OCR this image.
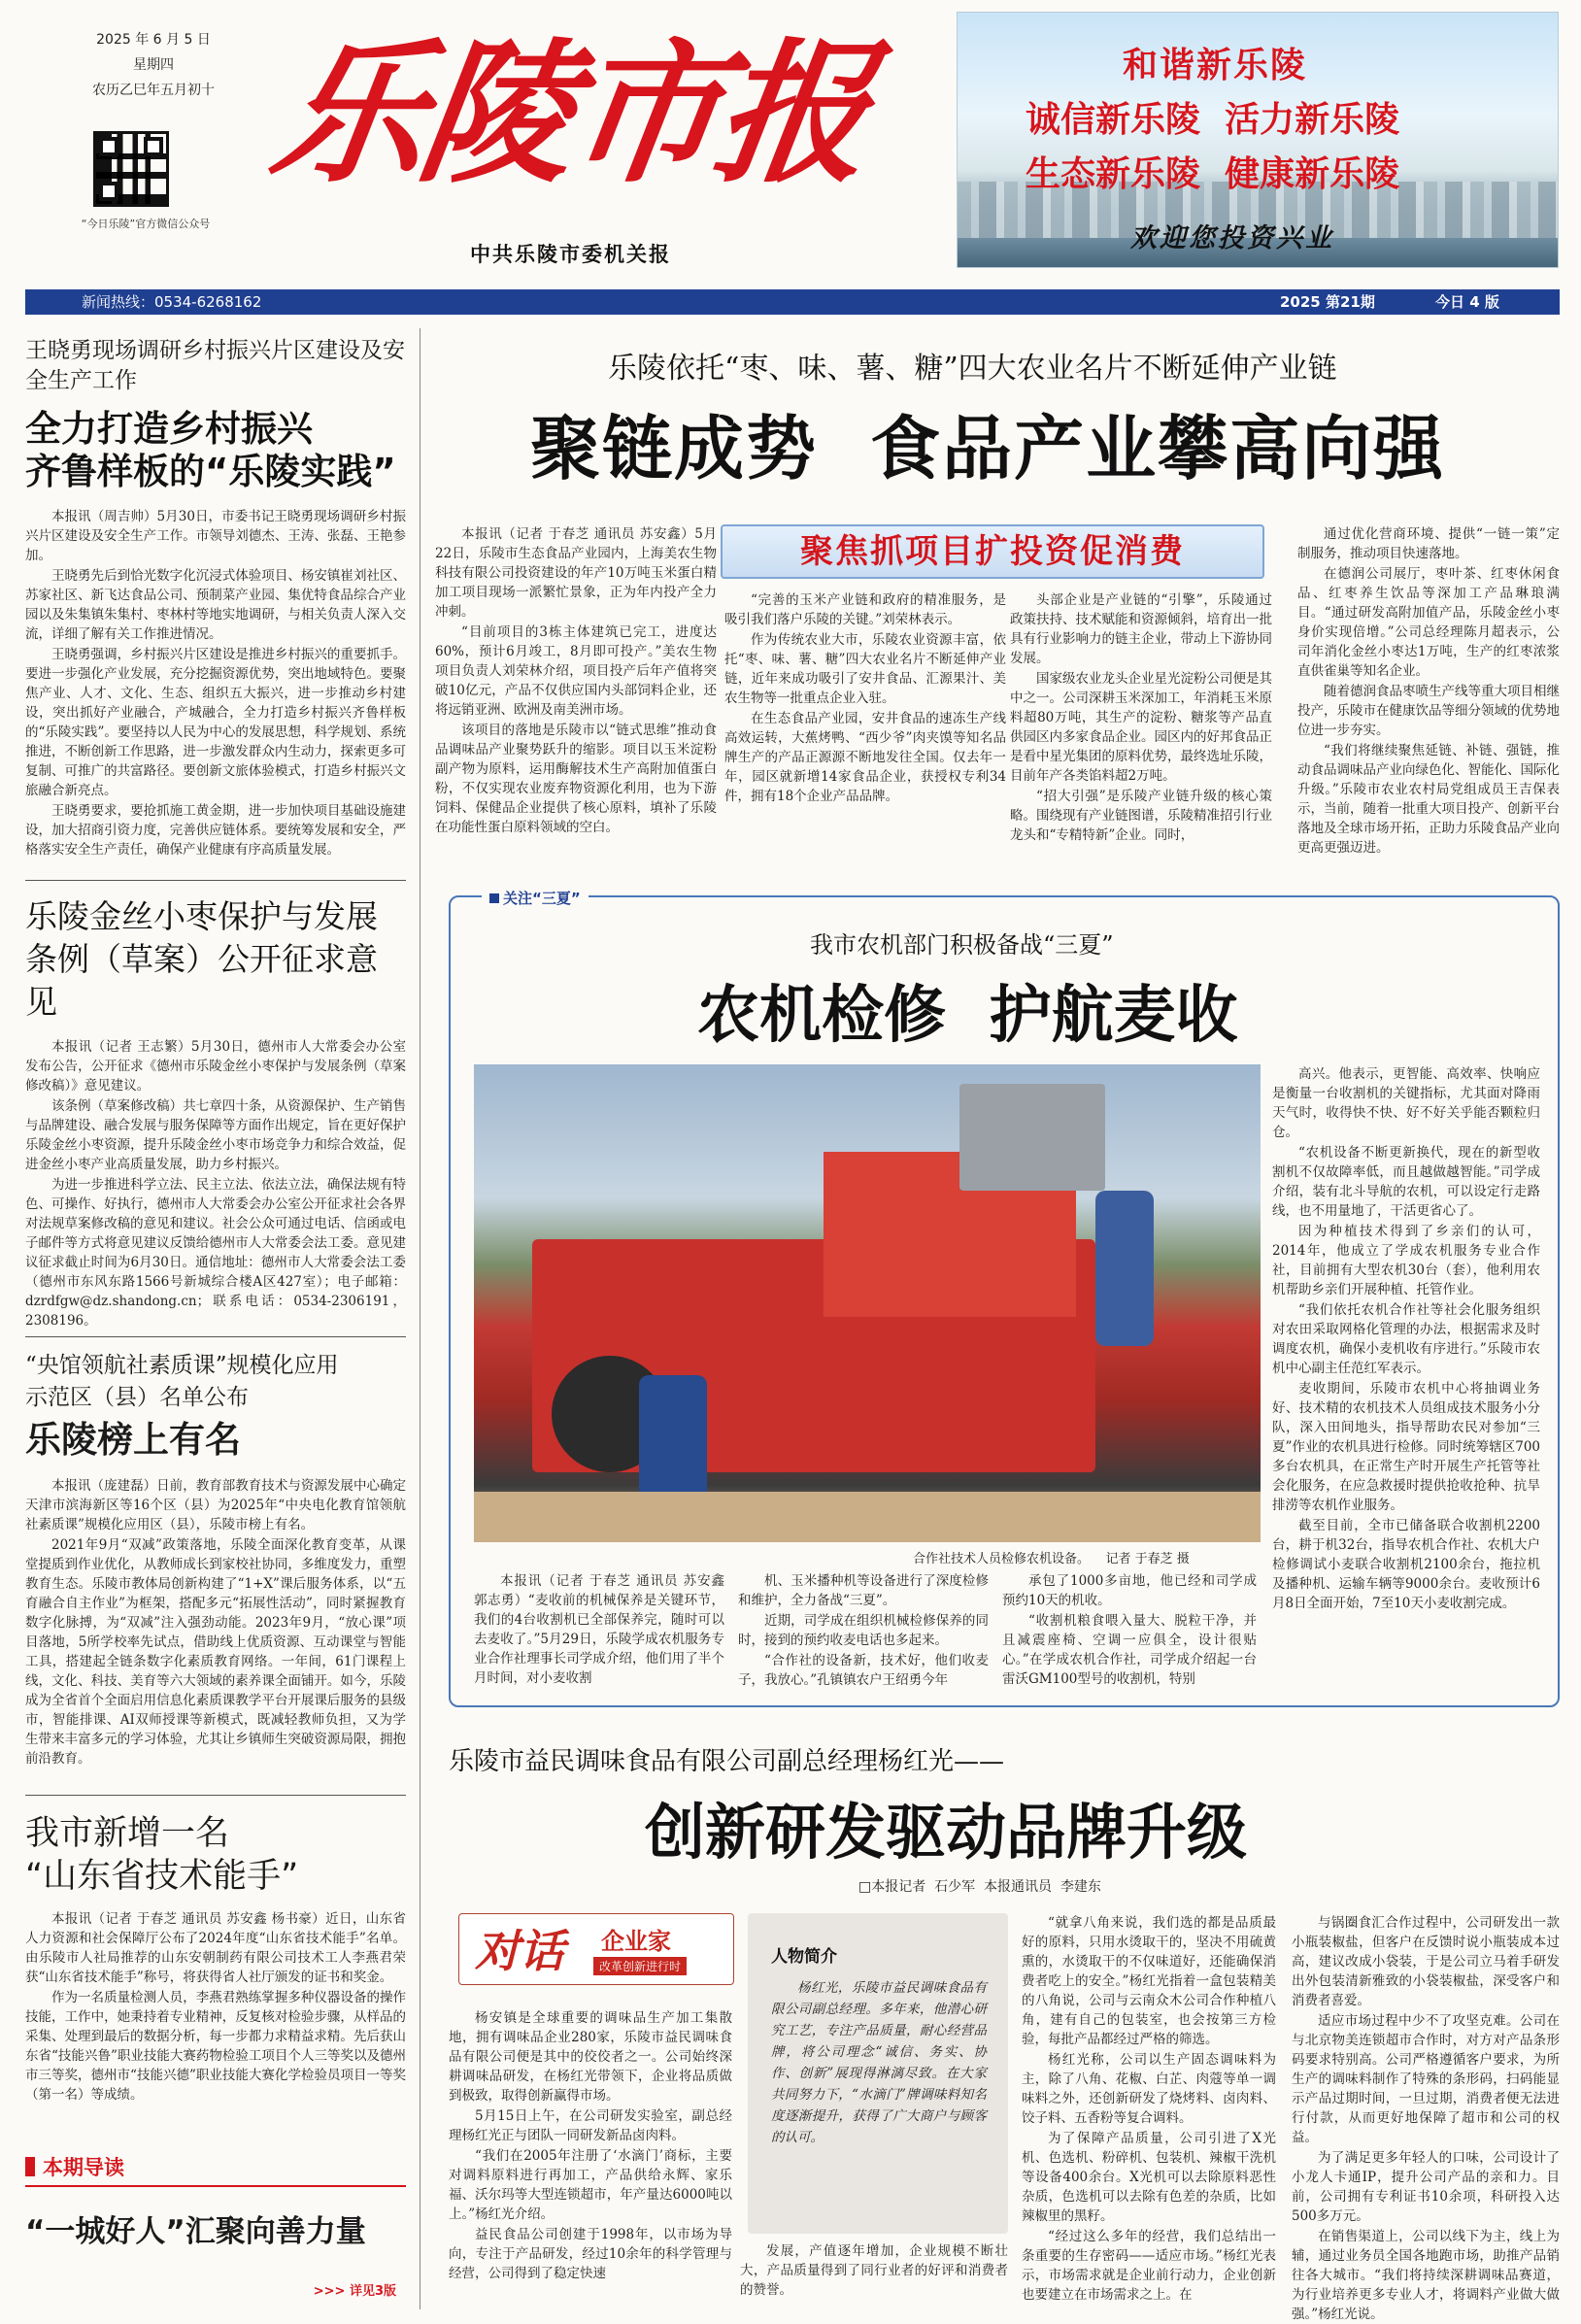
2025 年 6 月 5 日
星期四
农历乙巳年五月初十
“今日乐陵”官方微信公众号
乐陵市报
中共乐陵市委机关报
和谐新乐陵
诚信新乐陵  活力新乐陵
生态新乐陵  健康新乐陵
欢迎您投资兴业
新闻热线：0534-6268162	2025 第21期	今日 4 版
王晓勇现场调研乡村振兴片区建设及安全生产工作
全力打造乡村振兴
齐鲁样板的“乐陵实践”

本报讯（周吉帅）5月30日，市委书记王晓勇现场调研乡村振兴片区建设及安全生产工作。市领导刘德杰、王涛、张磊、王艳参加。

王晓勇先后到恰光数字化沉浸式体验项目、杨安镇崔刘社区、苏家社区、新飞达食品公司、预制菜产业园、集优特食品综合产业园以及朱集镇朱集村、枣林村等地实地调研，与相关负责人深入交流，详细了解有关工作推进情况。

王晓勇强调，乡村振兴片区建设是推进乡村振兴的重要抓手。要进一步强化产业发展，充分挖掘资源优势，突出地域特色。要聚焦产业、人才、文化、生态、组织五大振兴，进一步推动乡村建设，突出抓好产业融合，产城融合，全力打造乡村振兴齐鲁样板的“乐陵实践”。要坚持以人民为中心的发展思想，科学规划、系统推进，不断创新工作思路，进一步激发群众内生动力，探索更多可复制、可推广的共富路径。要创新文旅体验模式，打造乡村振兴文旅融合新亮点。

王晓勇要求，要抢抓施工黄金期，进一步加快项目基础设施建设，加大招商引资力度，完善供应链体系。要统筹发展和安全，严格落实安全生产责任，确保产业健康有序高质量发展。

乐陵金丝小枣保护与发展
条例（草案）公开征求意见

本报讯（记者 王志繁）5月30日，德州市人大常委会办公室发布公告，公开征求《德州市乐陵金丝小枣保护与发展条例（草案修改稿）》意见建议。

该条例（草案修改稿）共七章四十条，从资源保护、生产销售与品牌建设、融合发展与服务保障等方面作出规定，旨在更好保护乐陵金丝小枣资源，提升乐陵金丝小枣市场竞争力和综合效益，促进金丝小枣产业高质量发展，助力乡村振兴。

为进一步推进科学立法、民主立法、依法立法，确保法规有特色、可操作、好执行，德州市人大常委会办公室公开征求社会各界对法规草案修改稿的意见和建议。社会公众可通过电话、信函或电子邮件等方式将意见建议反馈给德州市人大常委会法工委。意见建议征求截止时间为6月30日。通信地址：德州市人大常委会法工委（德州市东风东路1566号新城综合楼A区427室）；电子邮箱：dzrdfgw@dz.shandong.cn；联系电话：0534-2306191，2308196。

“央馆领航社素质课”规模化应用
示范区（县）名单公布
乐陵榜上有名

本报讯（庞建磊）日前，教育部教育技术与资源发展中心确定天津市滨海新区等16个区（县）为2025年“中央电化教育馆领航社素质课”规模化应用区（县），乐陵市榜上有名。

2021年9月“双减”政策落地，乐陵全面深化教育变革，从课堂提质到作业优化，从教师成长到家校社协同，多维度发力，重塑教育生态。乐陵市教体局创新构建了“1+X”课后服务体系，以“五育融合自主作业”为框架，搭配多元“拓展性活动”，同时紧握教育数字化脉搏，为“双减”注入强劲动能。2023年9月，“放心课”项目落地，5所学校率先试点，借助线上优质资源、互动课堂与智能工具，搭建起全链条数字化素质教育网络。一年间，61门课程上线，文化、科技、美育等六大领域的素养课全面铺开。如今，乐陵成为全省首个全面启用信息化素质课教学平台开展课后服务的县级市，智能排课、AI双师授课等新模式，既减轻教师负担，又为学生带来丰富多元的学习体验，尤其让乡镇师生突破资源局限，拥抱前沿教育。

我市新增一名
“山东省技术能手”

本报讯（记者 于春芝 通讯员 苏安鑫 杨书豪）近日，山东省人力资源和社会保障厅公布了2024年度“山东省技术能手”名单。由乐陵市人社局推荐的山东安朝制药有限公司技术工人李燕君荣获“山东省技术能手”称号，将获得省人社厅颁发的证书和奖金。

作为一名质量检测人员，李燕君熟练掌握多种仪器设备的操作技能，工作中，她秉持着专业精神，反复核对检验步骤，从样品的采集、处理到最后的数据分析，每一步都力求精益求精。先后获山东省“技能兴鲁”职业技能大赛药物检验工项目个人三等奖以及德州市三等奖，德州市“技能兴德”职业技能大赛化学检验员项目一等奖（第一名）等成绩。

本期导读
“一城好人”汇聚向善力量
>>> 详见3版
乐陵依托“枣、味、薯、糖”四大农业名片不断延伸产业链
聚链成势  食品产业攀高向强
聚焦抓项目扩投资促消费

本报讯（记者 于春芝 通讯员 苏安鑫）5月22日，乐陵市生态食品产业园内，上海美农生物科技有限公司投资建设的年产10万吨玉米蛋白精加工项目现场一派繁忙景象，正为年内投产全力冲刺。

“目前项目的3栋主体建筑已完工，进度达60%，预计6月竣工，8月即可投产。”美农生物项目负责人刘荣林介绍，项目投产后年产值将突破10亿元，产品不仅供应国内头部饲料企业，还将远销亚洲、欧洲及南美洲市场。

该项目的落地是乐陵市以“链式思维”推动食品调味品产业聚势跃升的缩影。项目以玉米淀粉副产物为原料，运用酶解技术生产高附加值蛋白粉，不仅实现农业废弃物资源化利用，也为下游饲料、保健品企业提供了核心原料，填补了乐陵在功能性蛋白原料领域的空白。

“完善的玉米产业链和政府的精准服务，是吸引我们落户乐陵的关键。”刘荣林表示。

作为传统农业大市，乐陵农业资源丰富，依托“枣、味、薯、糖”四大农业名片不断延伸产业链，近年来成功吸引了安井食品、汇源果汁、美农生物等一批重点企业入驻。

在生态食品产业园，安井食品的速冻生产线高效运转，大蕉烤鸭、“西少爷”肉夹馍等知名品牌生产的产品正源源不断地发往全国。仅去年一年，园区就新增14家食品企业，获授权专利34件，拥有18个企业产品品牌。

头部企业是产业链的“引擎”，乐陵通过政策扶持、技术赋能和资源倾斜，培育出一批具有行业影响力的链主企业，带动上下游协同发展。

国家级农业龙头企业星光淀粉公司便是其中之一。公司深耕玉米深加工，年消耗玉米原料超80万吨，其生产的淀粉、糖浆等产品直供园区内多家食品企业。园区内的好邦食品正是看中星光集团的原料优势，最终选址乐陵，目前年产各类馅料超2万吨。

“招大引强”是乐陵产业链升级的核心策略。围绕现有产业链图谱，乐陵精准招引行业龙头和“专精特新”企业。同时，

通过优化营商环境、提供“一链一策”定制服务，推动项目快速落地。

在德润公司展厅，枣叶茶、红枣休闲食品、红枣养生饮品等深加工产品琳琅满目。“通过研发高附加值产品，乐陵金丝小枣身价实现倍增。”公司总经理陈月超表示，公司年消化金丝小枣达1万吨，生产的红枣浓浆直供雀巢等知名企业。

随着德润食品枣喷生产线等重大项目相继投产，乐陵市在健康饮品等细分领域的优势地位进一步夯实。

“我们将继续聚焦延链、补链、强链，推动食品调味品产业向绿色化、智能化、国际化升级。”乐陵市农业农村局党组成员王吉保表示，当前，随着一批重大项目投产、创新平台落地及全球市场开拓，正助力乐陵食品产业向更高更强迈进。

关注“三夏”
我市农机部门积极备战“三夏”
农机检修  护航麦收
合作社技术人员检修农机设备。    记者 于春芝 摄

高兴。他表示，更智能、高效率、快响应是衡量一台收割机的关键指标，尤其面对降雨天气时，收得快不快、好不好关乎能否颗粒归仓。

“农机设备不断更新换代，现在的新型收割机不仅故障率低，而且越做越智能。”司学成介绍，装有北斗导航的农机，可以设定行走路线，也不用量地了，干活更省心了。

因为种植技术得到了乡亲们的认可，2014年，他成立了学成农机服务专业合作社，目前拥有大型农机30台（套），他利用农机帮助乡亲们开展种植、托管作业。

“我们依托农机合作社等社会化服务组织对农田采取网格化管理的办法，根据需求及时调度农机，确保小麦机收有序进行。”乐陵市农机中心副主任范红军表示。

麦收期间，乐陵市农机中心将抽调业务好、技术精的农机技术人员组成技术服务小分队，深入田间地头，指导帮助农民对参加“三夏”作业的农机具进行检修。同时统筹辖区700多台农机具，在正常生产时开展生产托管等社会化服务，在应急救援时提供抢收抢种、抗旱排涝等农机作业服务。

截至目前，全市已储备联合收割机2200台，耕于机32台，指导农机合作社、农机大户检修调试小麦联合收割机2100余台，拖拉机及播种机、运输车辆等9000余台。麦收预计6月8日全面开始，7至10天小麦收割完成。

本报讯（记者 于春芝 通讯员 苏安鑫 郭志勇）“麦收前的机械保养是关键环节，我们的4台收割机已全部保养完，随时可以去麦收了。”5月29日，乐陵学成农机服务专业合作社理事长司学成介绍，他们用了半个月时间，对小麦收割

机、玉米播种机等设备进行了深度检修和维护，全力备战“三夏”。

近期，司学成在组织机械检修保养的同时，接到的预约收麦电话也多起来。

“合作社的设备新，技术好，他们收麦子，我放心。”孔镇镇农户王绍勇今年

承包了1000多亩地，他已经和司学成预约10天的机收。

“收割机粮食喂入量大、脱粒干净，并且减震座椅、空调一应俱全，设计很贴心。”在学成农机合作社，司学成介绍起一台雷沃GM100型号的收割机，特别

乐陵市益民调味食品有限公司副总经理杨红光——
创新研发驱动品牌升级
□本报记者  石少军  本报通讯员  李建东
对话 企业家
改革创新进行时	人物简介
杨红光，乐陵市益民调味食品有限公司副总经理。多年来，他潜心研究工艺，专注产品质量，耐心经营品牌，将公司理念“诚信、务实、协作、创新”展现得淋漓尽致。在大家共同努力下，“水滴门”牌调味料知名度逐渐提升，获得了广大商户与顾客的认可。

杨安镇是全球重要的调味品生产加工集散地，拥有调味品企业280家，乐陵市益民调味食品有限公司便是其中的佼佼者之一。公司始终深耕调味品研发，在杨红光带领下，企业将品质做到极致，取得创新赢得市场。

5月15日上午，在公司研发实验室，副总经理杨红光正与团队一同研发新品卤肉料。

“我们在2005年注册了‘水滴门’商标，主要对调料原料进行再加工，产品供给永辉、家乐福、沃尔玛等大型连锁超市，年产量达6000吨以上。”杨红光介绍。

益民食品公司创建于1998年，以市场为导向，专注于产品研发，经过10余年的科学管理与经营，公司得到了稳定快速

发展，产值逐年增加，企业规模不断壮大，产品质量得到了同行业者的好评和消费者的赞誉。

“就拿八角来说，我们选的都是品质最好的原料，只用水烫取干的，坚决不用硫黄熏的，水烫取干的不仅味道好，还能确保消费者吃上的安全。”杨红光指着一盒包装精美的八角说，公司与云南众木公司合作种植八角，建有自己的包装室，也会按第三方检验，每批产品都经过严格的筛选。

杨红光称，公司以生产固态调味料为主，除了八角、花椒、白芷、肉蔻等单一调味料之外，还创新研发了烧烤料、卤肉料、饺子料、五香粉等复合调料。

为了保障产品质量，公司引进了X光机、色选机、粉碎机、包装机、辣椒干洗机等设备400余台。X光机可以去除原料恶性杂质，色选机可以去除有色差的杂质，比如辣椒里的黑籽。

“经过这么多年的经营，我们总结出一条重要的生存密码——适应市场。”杨红光表示，市场需求就是企业前行动力，企业创新也要建立在市场需求之上。在

与锅圈食汇合作过程中，公司研发出一款小瓶装椒盐，但客户在反馈时说小瓶装成本过高，建议改成小袋装，于是公司立马着手研发出外包装清新雅致的小袋装椒盐，深受客户和消费者喜爱。

适应市场过程中少不了攻坚克难。公司在与北京物美连锁超市合作时，对方对产品条形码要求特别高。公司严格遵循客户要求，为所生产的调味料制作了特殊的条形码，扫码能显示产品过期时间，一旦过期，消费者便无法进行付款，从而更好地保障了超市和公司的权益。

为了满足更多年轻人的口味，公司设计了小龙人卡通IP，提升公司产品的亲和力。目前，公司拥有专利证书10余项，科研投入达500多万元。

在销售渠道上，公司以线下为主，线上为辅，通过业务员全国各地跑市场，助推产品销往各大城市。“我们将持续深耕调味品赛道，为行业培养更多专业人才，将调料产业做大做强。”杨红光说。
